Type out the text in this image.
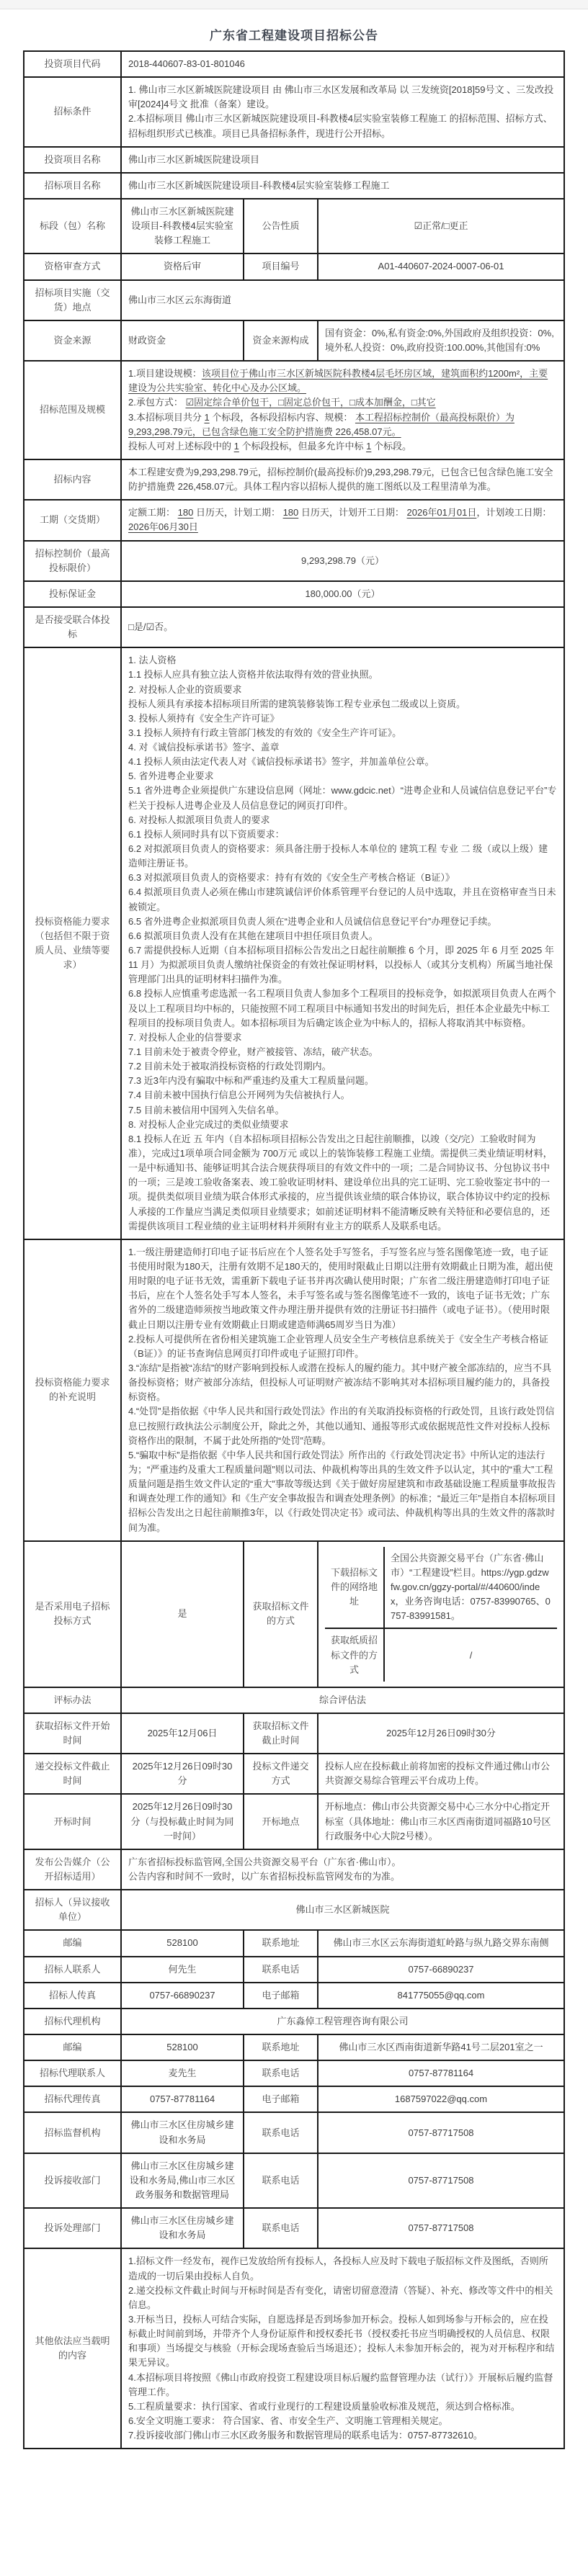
广东省工程建设项目招标公告
投资项目代码	2018-440607-83-01-801046
招标条件	
1. 佛山市三水区新城医院建设项目 由 佛山市三水区发展和改革局 以 三发统资[2018]59号文 、三发改投审[2024]4号文 批准（备案）建设。
2.本招标项目 佛山市三水区新城医院建设项目-科教楼4层实验室装修工程施工 的招标范围、招标方式、招标组织形式已核准。项目已具备招标条件，现进行公开招标。

投资项目名称	佛山市三水区新城医院建设项目
招标项目名称	佛山市三水区新城医院建设项目-科教楼4层实验室装修工程施工
标段（包）名称	佛山市三水区新城医院建设项目-科教楼4层实验室装修工程施工	公告性质	☑正常/□更正
资格审查方式	资格后审	项目编号	A01-440607-2024-0007-06-01
招标项目实施（交货）地点	佛山市三水区云东海街道
资金来源	财政资金	资金来源构成	国有资金：0%,私有资金:0%,外国政府及组织投资：0%,境外私人投资：0%,政府投资:100.00%,其他国有:0%
招标范围及规模	
1.项目建设规模：该项目位于佛山市三水区新城医院科教楼4层毛坯房区域，建筑面积约1200m²，主要建设为公共实验室、转化中心及办公区域。
2.承包方式： ☑固定综合单价包干，□固定总价包干，□成本加酬金，□其它
3.本招标项目共分 1 个标段，各标段招标内容、规模： 本工程招标控制价（最高投标限价）为9,293,298.79元，已包含绿色施工安全防护措施费 226,458.07元。
投标人可对上述标段中的 1 个标段投标，但最多允许中标 1 个标段。

招标内容	本工程建安费为9,293,298.79元，招标控制价(最高投标价)9,293,298.79元，已包含已包含绿色施工安全防护措施费 226,458.07元。具体工程内容以招标人提供的施工图纸以及工程里清单为准。
工期（交货期）	
定额工期： 180 日历天，计划工期： 180 日历天，计划开工日期： 2026年01月01日，计划竣工日期： 2026年06月30日

招标控制价（最高投标限价）	9,293,298.79（元）
投标保证金	180,000.00（元）
是否接受联合体投标	□是/☑否。
投标资格能力要求（包括但不限于资质人员、业绩等要求）	
1. 法人资格
1.1 投标人应具有独立法人资格并依法取得有效的营业执照。
2. 对投标人企业的资质要求
投标人须具有承接本招标项目所需的建筑装修装饰工程专业承包二级或以上资质。
3. 投标人须持有《安全生产许可证》
3.1 投标人须持有行政主管部门核发的有效的《安全生产许可证》。
4. 对《诚信投标承诺书》签字、盖章
4.1 投标人须由法定代表人对《诚信投标承诺书》签字，并加盖单位公章。
5. 省外进粤企业要求
5.1 省外进粤企业须提供广东建设信息网（网址：www.gdcic.net）“进粤企业和人员诚信信息登记平台”专栏关于投标人进粤企业及人员信息登记的网页打印件。
6. 对投标人拟派项目负责人的要求
6.1 投标人须同时具有以下资质要求：
6.2 对拟派项目负责人的资格要求：须具备注册于投标人本单位的 建筑工程 专业 二 级（或以上级）建造师注册证书。
6.3 对拟派项目负责人的资格要求：持有有效的《安全生产考核合格证（B证）》
6.4 拟派项目负责人必须在佛山市建筑诚信评价体系管理平台登记的人员中选取，并且在资格审查当日未被锁定。
6.5 省外进粤企业拟派项目负责人须在“进粤企业和人员诚信信息登记平台”办理登记手续。
6.6 拟派项目负责人没有在其他在建项目中担任项目负责人。
6.7 需提供投标人近期（自本招标项目招标公告发出之日起往前顺推 6 个月，即 2025 年 6 月至 2025 年 11 月）为拟派项目负责人缴纳社保资金的有效社保证明材料，以投标人（或其分支机构）所属当地社保管理部门出具的证明材料扫描件为准。
6.8 投标人应慎重考虑选派一名工程项目负责人参加多个工程项目的投标竞争，如拟派项目负责人在两个及以上工程项目均中标的，只能按照不同工程项目中标通知书发出的时间先后，担任本企业最先中标工程项目的投标项目负责人。如本招标项目为后确定该企业为中标人的，招标人将取消其中标资格。
7. 对投标人企业的信誉要求
7.1 目前未处于被责令停业，财产被接管、冻结，破产状态。
7.2 目前未处于被取消投标资格的行政处罚期内。
7.3 近3年内没有骗取中标和严重违约及重大工程质量问题。
7.4 目前未被中国执行信息公开网列为失信被执行人。
7.5 目前未被信用中国列入失信名单。
8. 对投标人企业完成过的类似业绩要求
8.1 投标人在近 五 年内（自本招标项目招标公告发出之日起往前顺推，以竣（交/完）工验收时间为准），完成过1项单项合同金额为 700万元 或以上的装饰装修工程施工业绩。需提供三类业绩证明材料，一是中标通知书、能够证明其合法合规获得项目的有效文件中的一项；二是合同协议书、分包协议书中的一项；三是竣工验收备案表、竣工验收证明材料、建设单位出具的完工证明、完工验收鉴定书中的一项。提供类似项目业绩为联合体形式承接的，应当提供该业绩的联合体协议，联合体协议中约定的投标人承接的工作量应当满足类似项目业绩要求；如前述证明材料不能清晰反映有关特征和必要信息的，还需提供该项目工程业绩的业主证明材料并须附有业主方的联系人及联系电话。

投标资格能力要求的补充说明	
1.一级注册建造师打印电子证书后应在个人签名处手写签名，手写签名应与签名图像笔迹一致，电子证书使用时限为180天，注册有效期不足180天的，使用时限截止日期以注册有效期截止日期为准，超出使用时限的电子证书无效，需重新下载电子证书并再次确认使用时限；广东省二级注册建造师打印电子证书后，应在个人签名处手写本人签名，未手写签名或与签名图像笔迹不一致的，该电子证书无效；广东省外的二级建造师须按当地政策文件办理注册并提供有效的注册证书扫描件（或电子证书）。（使用时限截止日期以注册专业有效期截止日期或建造师满65周岁当日为准）
2.投标人可提供所在省份相关建筑施工企业管理人员安全生产考核信息系统关于《安全生产考核合格证（B证）》的证书查询信息网页打印件或电子证照打印件。
3.“冻结”是指被“冻结”的财产影响到投标人或潜在投标人的履约能力。其中财产被全部冻结的，应当不具备投标资格；财产被部分冻结，但投标人可证明财产被冻结不影响其对本招标项目履约能力的，具备投标资格。
4.“处罚”是指依据《中华人民共和国行政处罚法》作出的有关取消投标资格的行政处罚，且该行政处罚信息已按照行政执法公示制度公开，除此之外，其他以通知、通报等形式或依据规范性文件对投标人投标资格作出的限制，不属于此处所指的“处罚”范畴。
5.“骗取中标”是指依据《中华人民共和国行政处罚法》所作出的《行政处罚决定书》中所认定的违法行为；“严重违约及重大工程质量问题”则以司法、仲裁机构等出具的生效文件予以认定，其中的“重大”工程质量问题是指生效文件认定的“重大”事故等级达到《关于做好房屋建筑和市政基础设施工程质量事故报告和调查处理工作的通知》和《生产安全事故报告和调查处理条例》的标准；“最近三年”是指自本招标项目招标公告发出之日起往前顺推3年，以《行政处罚决定书》或司法、仲裁机构等出具的生效文件的落款时间为准。

是否采用电子招标投标方式	是	获取招标文件的方式	
下载招标文件的网络地址	全国公共资源交易平台（广东省·佛山市）“工程建设”栏目。https://ygp.gdzwfw.gov.cn/ggzy-portal/#/440600/index，业务咨询电话：0757-83990765、0757-83991581。
获取纸质招标文件的方式	/

评标办法	综合评估法
获取招标文件开始时间	2025年12月06日	获取招标文件截止时间	2025年12月26日09时30分
递交投标文件截止时间	2025年12月26日09时30分	投标文件递交方式	投标人应在投标截止前将加密的投标文件通过佛山市公共资源交易综合管理云平台成功上传。
开标时间	2025年12月26日09时30分（与投标截止时间为同一时间）	开标地点	开标地点：佛山市公共资源交易中心三水分中心指定开标室（具体地址：佛山市三水区西南街道同福路10号区行政服务中心大院2号楼）。
发布公告媒介（公开招标适用）	
广东省招标投标监管网,全国公共资源交易平台（广东省·佛山市）。
公告内容和时间不一致时，以广东省招标投标监管网发布的为准。

招标人（异议接收单位）	佛山市三水区新城医院
邮编	528100	联系地址	佛山市三水区云东海街道虹岭路与纵九路交界东南侧
招标人联系人	何先生	联系电话	0757-66890237
招标人传真	0757-66890237	电子邮箱	841775055@qq.com
招标代理机构	广东淼倬工程管理咨询有限公司
邮编	528100	联系地址	佛山市三水区西南街道新华路41号二层201室之一
招标代理联系人	麦先生	联系电话	0757-87781164
招标代理传真	0757-87781164	电子邮箱	1687597022@qq.com
招标监督机构	佛山市三水区住房城乡建设和水务局	联系电话	0757-87717508
投诉接收部门	佛山市三水区住房城乡建设和水务局,佛山市三水区政务服务和数据管理局	联系电话	0757-87717508
投诉处理部门	佛山市三水区住房城乡建设和水务局	联系电话	0757-87717508
其他依法应当载明的内容	
1.招标文件一经发布，视作已发放给所有投标人，各投标人应及时下载电子版招标文件及图纸，否则所造成的一切后果由投标人自负。
2.递交投标文件截止时间与开标时间是否有变化，请密切留意澄清（答疑）、补充、修改等文件中的相关信息。
3.开标当日，投标人可结合实际，自愿选择是否到场参加开标会。投标人如到场参与开标会的，应在投标截止时间前到场，并带齐个人身份证原件和授权委托书（授权委托书应当明确授权的人员信息、权限和事项）当场提交与核验（开标会现场查验后当场退还）；投标人未参加开标会的，视为对开标程序和结果无异议。
4.本招标项目将按照《佛山市政府投资工程建设项目标后履约监督管理办法（试行）》开展标后履约监督管理工作。
5.工程质量要求：执行国家、省或行业现行的工程建设质量验收标准及规范，须达到合格标准。
6.安全文明施工要求： 符合国家、省、市安全生产、文明施工管理相关规定。
7.投诉接收部门佛山市三水区政务服务和数据管理局的联系电话为：0757-87732610。
